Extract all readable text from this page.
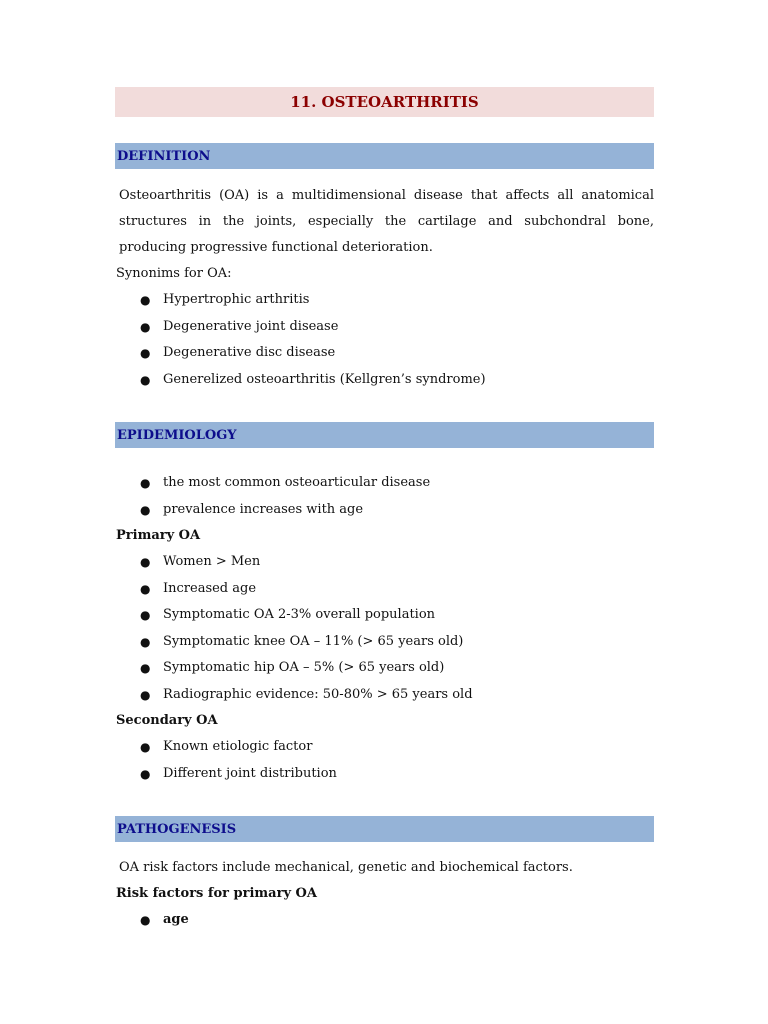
11. OSTEOARTHRITIS
DEFINITION

Osteoarthritis (OA) is a multidimensional disease that affects all anatomical structures in the joints, especially the cartilage and subchondral bone, producing progressive functional deterioration.

Synonims for OA:

● Hypertrophic arthritis
● Degenerative joint disease
● Degenerative disc disease
● Generelized osteoarthritis (Kellgren’s syndrome)
EPIDEMIOLOGY
● the most common osteoarticular disease
● prevalence increases with age

Primary OA

● Women > Men
● Increased age
● Symptomatic OA 2-3% overall population
● Symptomatic knee OA – 11% (> 65 years old)
● Symptomatic hip OA – 5% (> 65 years old)
● Radiographic evidence: 50-80% > 65 years old

Secondary OA

● Known etiologic factor
● Different joint distribution
PATHOGENESIS

OA risk factors include mechanical, genetic and biochemical factors.

Risk factors for primary OA

● age
